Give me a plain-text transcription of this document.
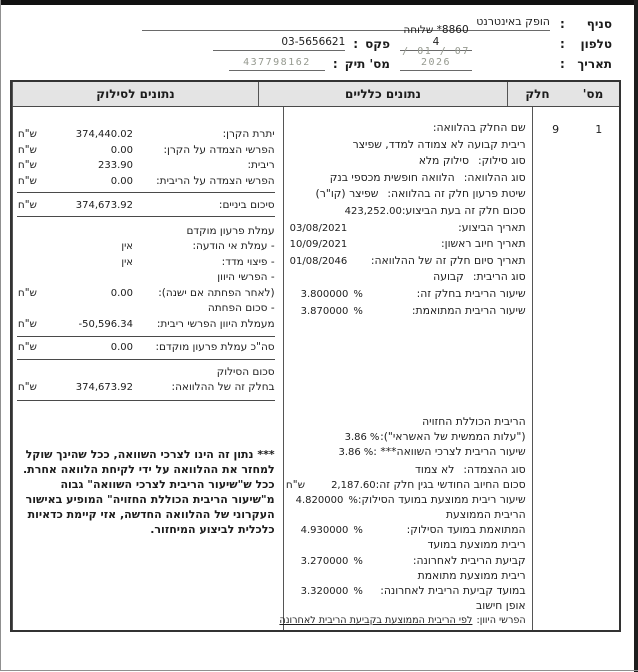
סניף
:
הופק באינטרנט
טלפון
:
‎*8860 שלוחה 4
פקס
:
03-5656621
תאריך
:
07 / 01 / 2026
מס' תיק
:
437798162
מס'
חלק
נתונים כלליים
נתונים לסילוק
1
9
שם החלק בהלוואה:
ריבית קבועה לא צמודה למדד, שפיצר
סוג סילוק:
סילוק מלא
סוג ההלוואה:
הלוואה חופשית מכספי בנק
שיטת פרעון חלק זה בהלוואה:
שפיצר (קו"ר)
סכום חלק זה בעת הביצוע:
423,252.00
תאריך הביצוע:
03/08/2021
תאריך חיוב ראשון:
10/09/2021
תאריך סיום חלק זה של ההלוואה:
01/08/2046
סוג הריבית:
קבועה
שיעור הריבית בחלק זה:
%
3.800000
שיעור הריבית המתואמת:
%
3.870000
הריבית הכוללת החזויה
("עלות הממשית של האשראי"):
%
3.86
שיעור הריבית לצרכי השוואה*** :
%
3.86
סוג ההצמדה:
לא צמוד
סכום החיוב החודשי בגין חלק זה:
2,187.60
ש"ח
שיעור ריבית ממוצעת במועד הסילוק:
%
4.820000
הריבית הממוצעת
המתואמת במועד הסילוק:
%
4.930000
ריבית ממוצעת במועד
קביעת הריבית לאחרונה:
%
3.270000
ריבית ממוצעת מתואמת
במועד קביעת הריבית לאחרונה:
%
3.320000
אופן חישוב
הפרשי היוון:
לפי הריבית הממוצעת בקביעת הריבית לאחרונה
יתרת הקרן:
374,440.02
ש"ח
הפרשי הצמדה על הקרן:
0.00
ש"ח
ריבית:
233.90
ש"ח
הפרשי הצמדה על הריבית:
0.00
ש"ח
סיכום ביניים:
374,673.92
ש"ח
עמלת פרעון מוקדם
- עמלת אי הודעה:
אין
- פיצוי מדד:
אין
- הפרשי היוון
(לאחר הפחתה אם ישנה):
0.00
ש"ח
- סכום הפחתה
מעמלת היוון הפרשי ריבית:
-50,596.34
ש"ח
סה"כ עמלת פרעון מוקדם:
0.00
ש"ח
סכום הסילוק
בחלק זה של ההלוואה:
374,673.92
ש"ח
*** נתון זה הינו לצרכי השוואה, ככל שהינך שוקל
למחזר את ההלוואה על ידי לקיחת הלוואה אחרת.
ככל ש"שיעור הריבית לצרכי השוואה" גבוה
מ"שיעור הריבית הכוללת החזויה" המופיע באישור
העקרוני של ההלוואה החדשה, אזי קיימת כדאיות
כלכלית לביצוע המיחזור.
